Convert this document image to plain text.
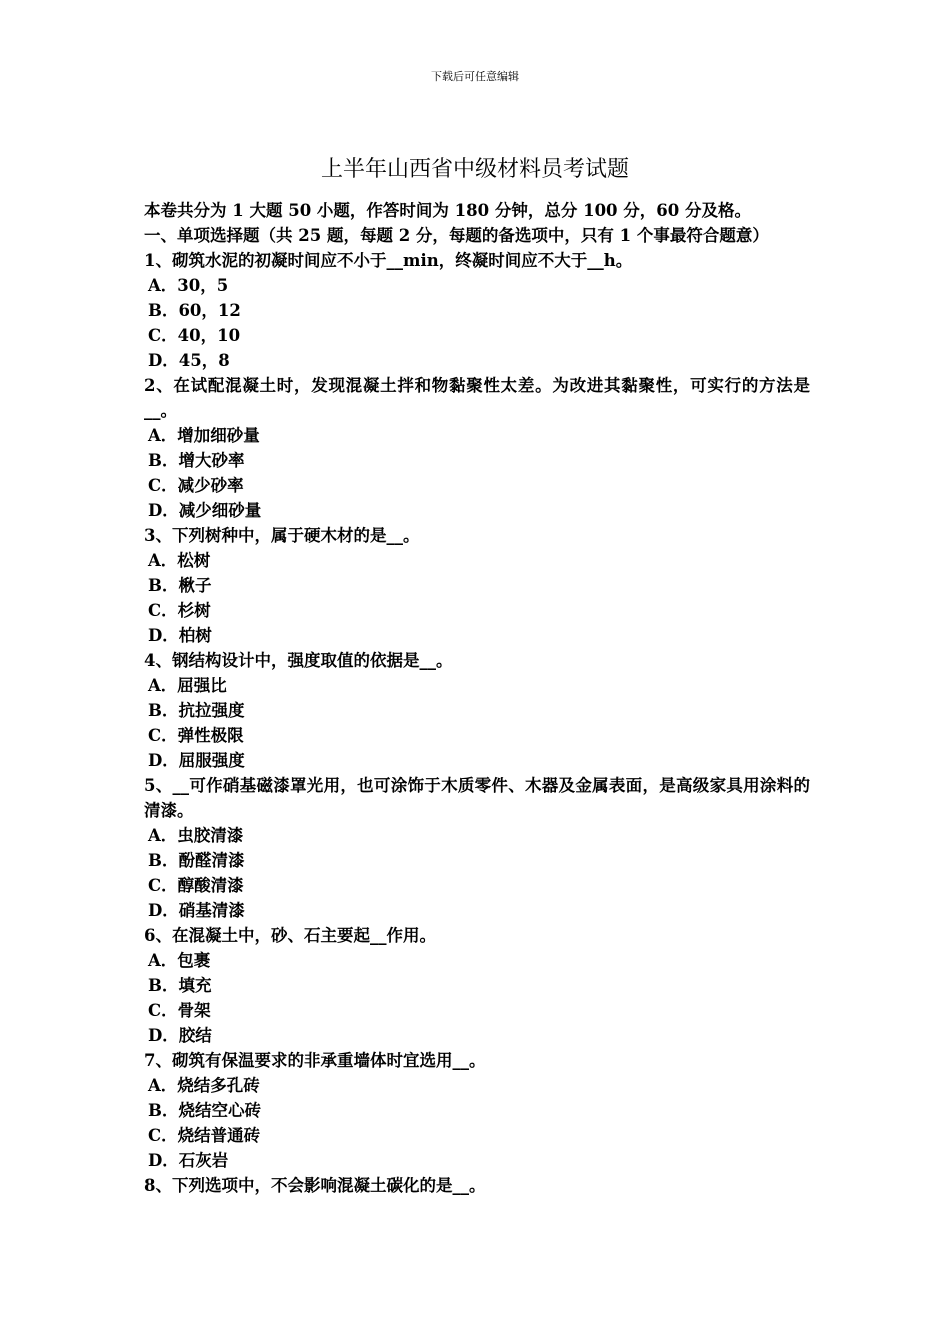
下载后可任意编辑
上半年山西省中级材料员考试题

本卷共分为 1 大题 50 小题，作答时间为 180 分钟，总分 100 分，60 分及格。

一、单项选择题（共 25 题，每题 2 分，每题的备选项中，只有 1 个事最符合题意）

1、砌筑水泥的初凝时间应不小于__min，终凝时间应不大于__h。

A．30，5

B．60，12

C．40，10

D．45，8

2、在试配混凝土时，发现混凝土拌和物黏聚性太差。为改进其黏聚性，可实行的方法是__。

A．增加细砂量

B．增大砂率

C．减少砂率

D．减少细砂量

3、下列树种中，属于硬木材的是__。

A．松树

B．楸子

C．杉树

D．柏树

4、钢结构设计中，强度取值的依据是__。

A．屈强比

B．抗拉强度

C．弹性极限

D．屈服强度

5、__可作硝基磁漆罩光用，也可涂饰于木质零件、木器及金属表面，是高级家具用涂料的清漆。

A．虫胶清漆

B．酚醛清漆

C．醇酸清漆

D．硝基清漆

6、在混凝土中，砂、石主要起__作用。

A．包裹

B．填充

C．骨架

D．胶结

7、砌筑有保温要求的非承重墙体时宜选用__。

A．烧结多孔砖

B．烧结空心砖

C．烧结普通砖

D．石灰岩

8、下列选项中，不会影响混凝土碳化的是__。
